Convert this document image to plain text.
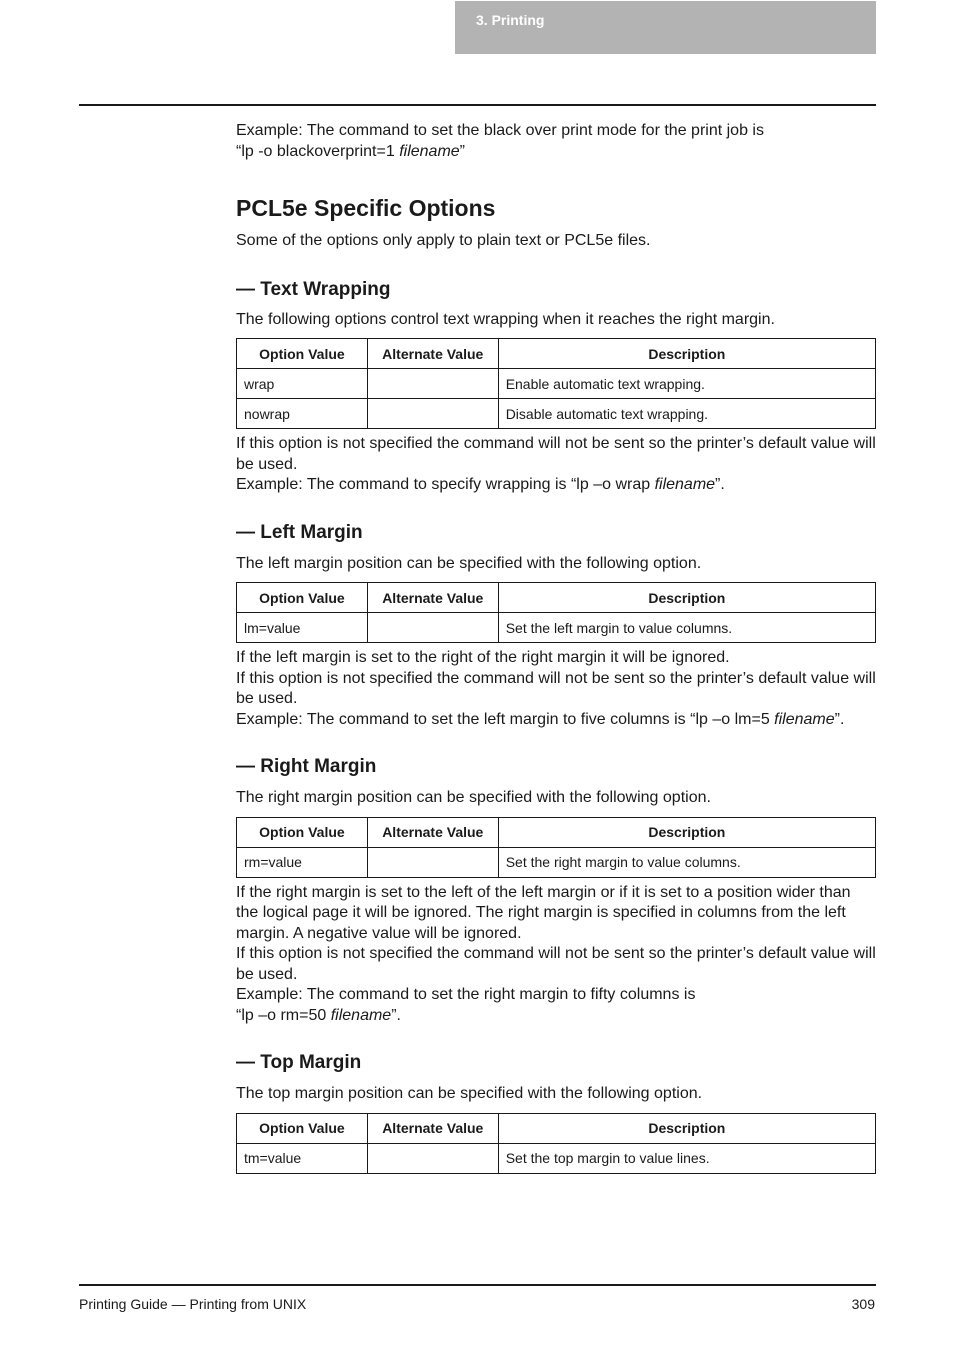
3. Printing

Example: The command to set the black over print mode for the print job is
“lp -o blackoverprint=1 filename”

PCL5e Specific Options

Some of the options only apply to plain text or PCL5e files.

— Text Wrapping

The following options control text wrapping when it reaches the right margin.

Option Value	Alternate Value	Description
wrap		Enable automatic text wrapping.
nowrap		Disable automatic text wrapping.

If this option is not specified the command will not be sent so the printer’s default value will be used.

Example: The command to specify wrapping is “lp –o wrap filename”.

— Left Margin

The left margin position can be specified with the following option.

Option Value	Alternate Value	Description
lm=value		Set the left margin to value columns.

If the left margin is set to the right of the right margin it will be ignored.

If this option is not specified the command will not be sent so the printer’s default value will be used.

Example: The command to set the left margin to five columns is “lp –o lm=5 filename”.

— Right Margin

The right margin position can be specified with the following option.

Option Value	Alternate Value	Description
rm=value		Set the right margin to value columns.

If the right margin is set to the left of the left margin or if it is set to a position wider than the logical page it will be ignored. The right margin is specified in columns from the left margin. A negative value will be ignored.

If this option is not specified the command will not be sent so the printer’s default value will be used.

Example: The command to set the right margin to fifty columns is
“lp –o rm=50 filename”.

— Top Margin

The top margin position can be specified with the following option.

Option Value	Alternate Value	Description
tm=value		Set the top margin to value lines.
Printing Guide — Printing from UNIX	309
